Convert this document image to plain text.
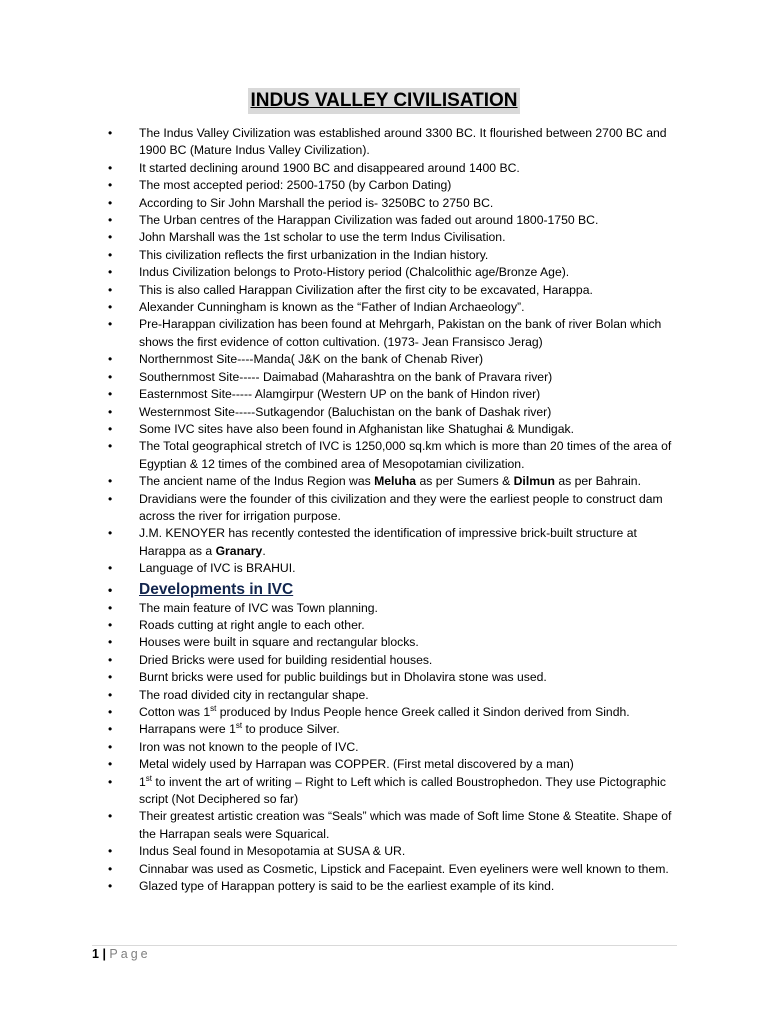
INDUS VALLEY CIVILISATION
• The Indus Valley Civilization was established around 3300 BC. It flourished between 2700 BC and 1900 BC (Mature Indus Valley Civilization).
• It started declining around 1900 BC and disappeared around 1400 BC.
• The most accepted period: 2500-1750 (by Carbon Dating)
• According to Sir John Marshall the period is- 3250BC to 2750 BC.
• The Urban centres of the Harappan Civilization was faded out around 1800-1750 BC.
• John Marshall was the 1st scholar to use the term Indus Civilisation.
• This civilization reflects the first urbanization in the Indian history.
• Indus Civilization belongs to Proto-History period (Chalcolithic age/Bronze Age).
• This is also called Harappan Civilization after the first city to be excavated, Harappa.
• Alexander Cunningham is known as the “Father of Indian Archaeology”.
• Pre-Harappan civilization has been found at Mehrgarh, Pakistan on the bank of river Bolan which shows the first evidence of cotton cultivation. (1973- Jean Fransisco Jerag)
• Northernmost Site----Manda( J&K on the bank of Chenab River)
• Southernmost Site----- Daimabad (Maharashtra on the bank of Pravara river)
• Easternmost Site----- Alamgirpur (Western UP on the bank of Hindon river)
• Westernmost Site-----Sutkagendor (Baluchistan on the bank of Dashak river)
• Some IVC sites have also been found in Afghanistan like Shatughai & Mundigak.
• The Total geographical stretch of IVC is 1250,000 sq.km which is more than 20 times of the area of Egyptian & 12 times of the combined area of Mesopotamian civilization.
• The ancient name of the Indus Region was Meluha as per Sumers & Dilmun as per Bahrain.
• Dravidians were the founder of this civilization and they were the earliest people to construct dam across the river for irrigation purpose.
• J.M. KENOYER has recently contested the identification of impressive brick-built structure at Harappa as a Granary.
• Language of IVC is BRAHUI.
• Developments in IVC
• The main feature of IVC was Town planning.
• Roads cutting at right angle to each other.
• Houses were built in square and rectangular blocks.
• Dried Bricks were used for building residential houses.
• Burnt bricks were used for public buildings but in Dholavira stone was used.
• The road divided city in rectangular shape.
• Cotton was 1st produced by Indus People hence Greek called it Sindon derived from Sindh.
• Harrapans were 1st to produce Silver.
• Iron was not known to the people of IVC.
• Metal widely used by Harrapan was COPPER. (First metal discovered by a man)
• 1st to invent the art of writing – Right to Left which is called Boustrophedon. They use Pictographic script (Not Deciphered so far)
• Their greatest artistic creation was “Seals” which was made of Soft lime Stone & Steatite. Shape of the Harrapan seals were Squarical.
• Indus Seal found in Mesopotamia at SUSA & UR.
• Cinnabar was used as Cosmetic, Lipstick and Facepaint. Even eyeliners were well known to them.
• Glazed type of Harappan pottery is said to be the earliest example of its kind.
1 | Page
